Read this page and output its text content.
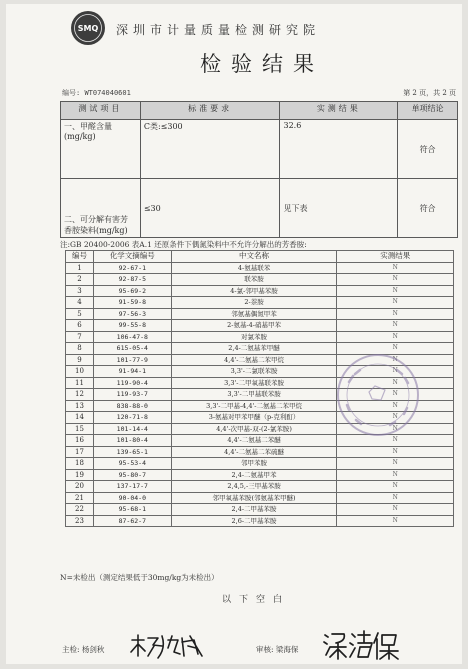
SMQ 深圳市计量质量检测研究院
检验结果
编号: WT074040601	第 2 页，共 2 页
测试项目	标准要求	实测结果	单项结论
一、甲醛含量
(mg/kg)	C类:≤300	32.6	符合
二、可分解有害芳
香胺染料(mg/kg)	≤30	见下表	符合
注:GB 20400-2006 表A.1 还原条件下偶氮染料中不允许分解出的芳香胺:
编号	化学文摘编号	中文名称	实测结果
1	92-67-1	4-氨基联苯	N
2	92-87-5	联苯胺	N
3	95-69-2	4-氯-邻甲基苯胺	N
4	91-59-8	2-萘胺	N
5	97-56-3	邻氨基偶氮甲苯	N
6	99-55-8	2-氨基-4-硝基甲苯	N
7	106-47-8	对氯苯胺	N
8	615-05-4	2,4-二氨基苯甲醚	N
9	101-77-9	4,4'-二氨基二苯甲烷	N
10	91-94-1	3,3'-二氯联苯胺	N
11	119-90-4	3,3'-二甲氧基联苯胺	N
12	119-93-7	3,3'-二甲基联苯胺	N
13	838-88-0	3,3'-二甲基-4,4'-二氨基二苯甲烷	N
14	120-71-8	3-氨基对甲苯甲醚（p-克利酊）	N
15	101-14-4	4,4'-次甲基-双-(2-氯苯胺)	N
16	101-80-4	4,4'-二氨基二苯醚	N
17	139-65-1	4,4'-二氨基二苯硫醚	N
18	95-53-4	邻甲苯胺	N
19	95-80-7	2,4-二氨基甲苯	N
20	137-17-7	2,4,5,-三甲基苯胺	N
21	90-04-0	邻甲氧基苯胺(邻氨基苯甲醚)	N
22	95-68-1	2,4-二甲基苯胺	N
23	87-62-7	2,6-二甲基苯胺	N
N=未检出（测定结果低于30mg/kg为未检出）
以下空白
主检: 杨剑秋	审核: 梁海保
